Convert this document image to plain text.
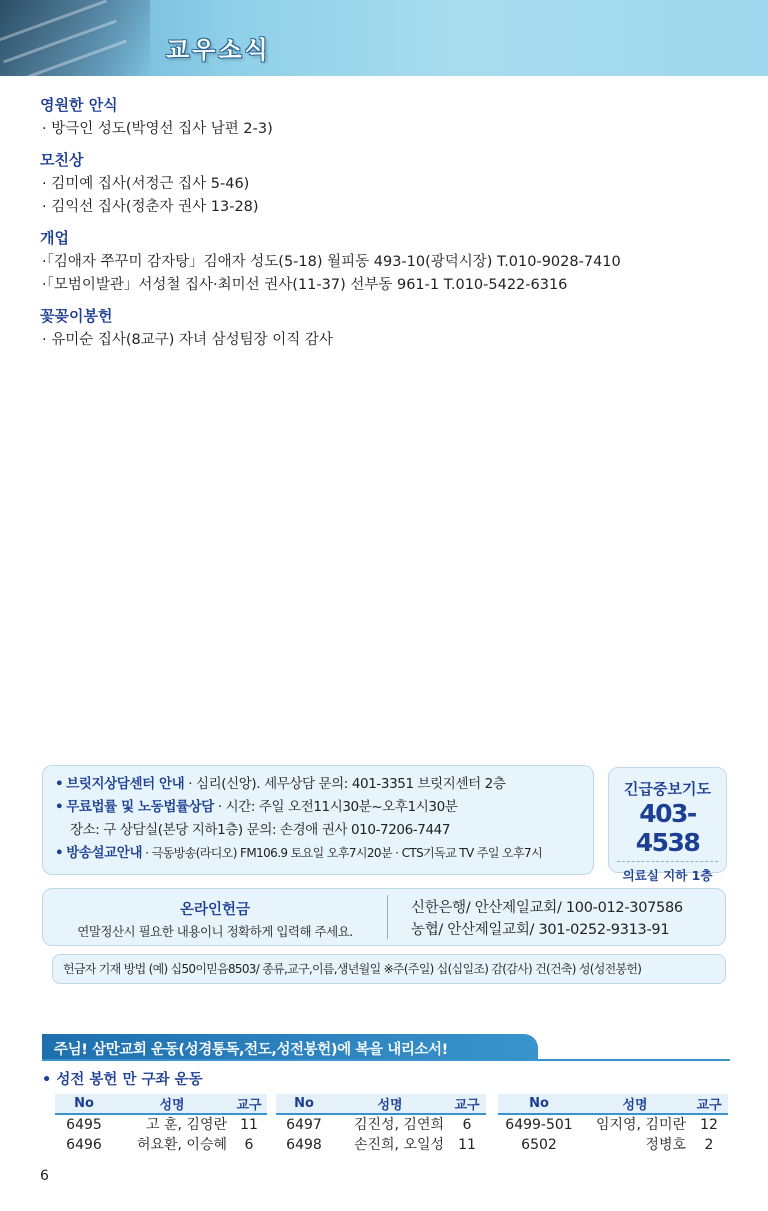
교우소식
영원한 안식
· 방극인 성도(박영선 집사 남편 2-3)
모친상
· 김미예 집사(서정근 집사 5-46)
· 김익선 집사(정춘자 권사 13-28)
개업
·「김애자 쭈꾸미 감자탕」김애자 성도(5-18) 월피동 493-10(광덕시장) T.010-9028-7410
·「모범이발관」서성철 집사·최미선 권사(11-37) 선부동 961-1 T.010-5422-6316
꽃꽂이봉헌
· 유미순 집사(8교구) 자녀 삼성팀장 이직 감사
• 브릿지상담센터 안내 · 심리(신앙). 세무상담 문의: 401-3351 브릿지센터 2층
• 무료법률 및 노동법률상담 · 시간: 주일 오전11시30분~오후1시30분
장소: 구 상담실(본당 지하1층) 문의: 손경애 권사 010-7206-7447
• 방송설교안내 · 극동방송(라디오) FM106.9 토요일 오후7시20분 · CTS기독교 TV 주일 오후7시
긴급중보기도
403-4538
의료실 지하 1층
온라인헌금
연말정산시 필요한 내용이니 정확하게 입력해 주세요.
신한은행/ 안산제일교회/ 100-012-307586
농협/ 안산제일교회/ 301-0252-9313-91
헌금자 기재 방법 (예) 십50이믿음8503/ 종류,교구,이름,생년월일 ※주(주일) 십(십일조) 감(감사) 건(건축) 성(성전봉헌)
주님! 삼만교회 운동(성경통독,전도,성전봉헌)에 복을 내리소서!
• 성전 봉헌 만 구좌 운동
No	성명	교구
6495	고 훈, 김영란	11
6496	허요환, 이승혜	6
No	성명	교구
6497	김진성, 김연희	6
6498	손진희, 오일성	11
No	성명	교구
6499-501	임지영, 김미란	12
6502	정병호	2
6
